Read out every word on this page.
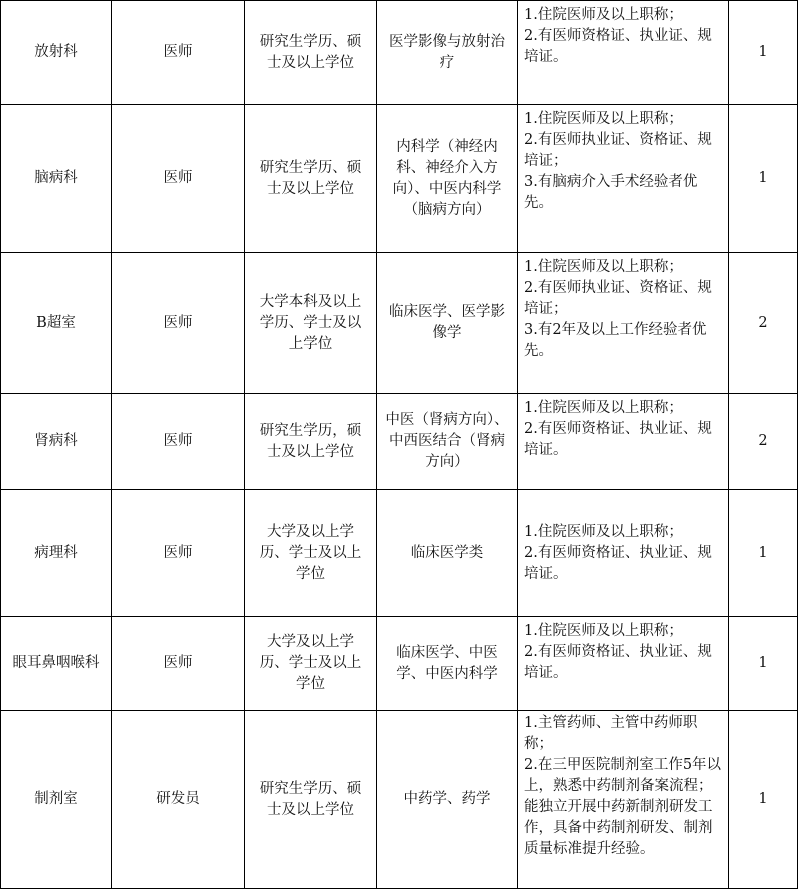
放射科	医师	研究生学历、硕士及以上学位	医学影像与放射治疗	1.住院医师及以上职称；
2.有医师资格证、执业证、规培证。	1
脑病科	医师	研究生学历、硕士及以上学位	内科学（神经内科、神经介入方向）、中医内科学（脑病方向）	1.住院医师及以上职称；
2.有医师执业证、资格证、规培证；
3.有脑病介入手术经验者优先。	1
B超室	医师	大学本科及以上学历、学士及以上学位	临床医学、医学影像学	1.住院医师及以上职称；
2.有医师执业证、资格证、规培证；
3.有2年及以上工作经验者优先。	2
肾病科	医师	研究生学历，硕士及以上学位	中医（肾病方向）、中西医结合（肾病方向）	1.住院医师及以上职称；
2.有医师资格证、执业证、规培证。	2
病理科	医师	大学及以上学历、学士及以上学位	临床医学类	1.住院医师及以上职称；
2.有医师资格证、执业证、规培证。	1
眼耳鼻咽喉科	医师	大学及以上学历、学士及以上学位	临床医学、中医学、中医内科学	1.住院医师及以上职称；
2.有医师资格证、执业证、规培证。	1
制剂室	研发员	研究生学历、硕士及以上学位	中药学、药学	1.主管药师、主管中药师职称；
2.在三甲医院制剂室工作5年以上，熟悉中药制剂备案流程；能独立开展中药新制剂研发工作，具备中药制剂研发、制剂质量标准提升经验。	1
